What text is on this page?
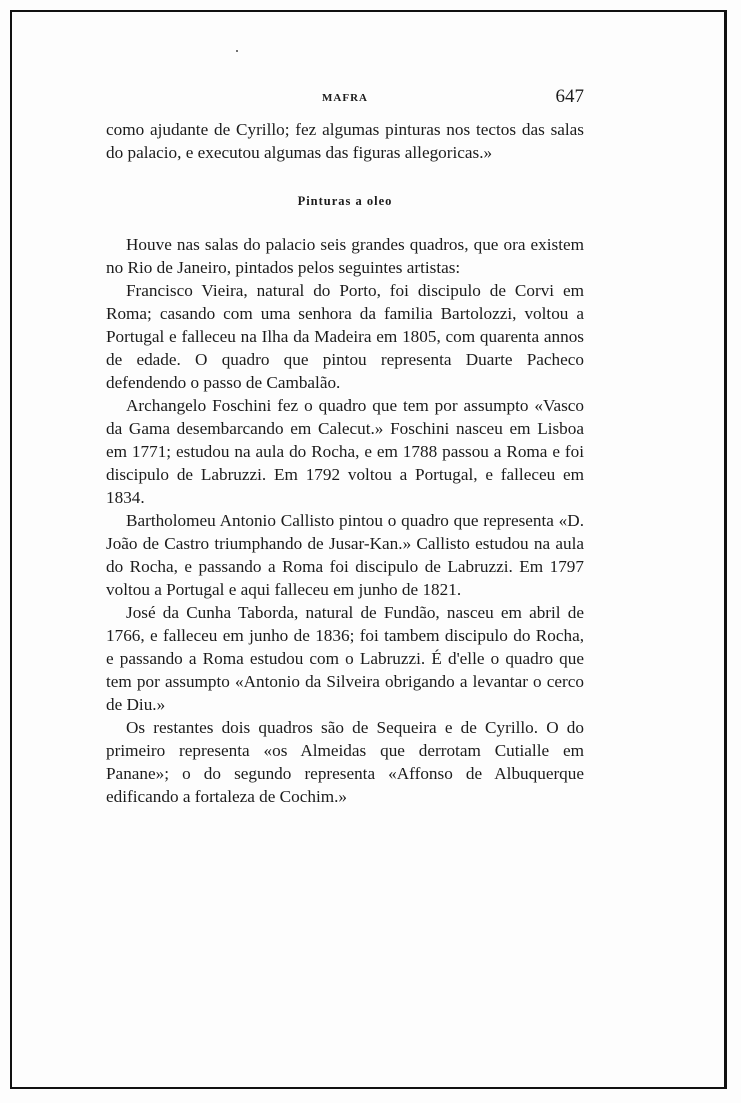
MAFRA	647

como ajudante de Cyrillo; fez algumas pinturas nos tectos das salas do palacio, e executou algumas das figuras allegoricas.»

Pinturas a oleo

Houve nas salas do palacio seis grandes quadros, que ora existem no Rio de Janeiro, pintados pelos seguintes artistas:

Francisco Vieira, natural do Porto, foi discipulo de Corvi em Roma; casando com uma senhora da familia Bartolozzi, voltou a Portugal e falleceu na Ilha da Madeira em 1805, com quarenta annos de edade. O quadro que pintou representa Duarte Pacheco defendendo o passo de Cambalão.

Archangelo Foschini fez o quadro que tem por assumpto «Vasco da Gama desembarcando em Calecut.» Foschini nasceu em Lisboa em 1771; estudou na aula do Rocha, e em 1788 passou a Roma e foi discipulo de Labruzzi. Em 1792 voltou a Portugal, e falleceu em 1834.

Bartholomeu Antonio Callisto pintou o quadro que representa «D. João de Castro triumphando de Jusar-Kan.» Callisto estudou na aula do Rocha, e passando a Roma foi discipulo de Labruzzi. Em 1797 voltou a Portugal e aqui falleceu em junho de 1821.

José da Cunha Taborda, natural de Fundão, nasceu em abril de 1766, e falleceu em junho de 1836; foi tambem discipulo do Rocha, e passando a Roma estudou com o Labruzzi. É d'elle o quadro que tem por assumpto «Antonio da Silveira obrigando a levantar o cerco de Diu.»

Os restantes dois quadros são de Sequeira e de Cyrillo. O do primeiro representa «os Almeidas que derrotam Cutialle em Panane»; o do segundo representa «Affonso de Albuquerque edificando a fortaleza de Cochim.»
